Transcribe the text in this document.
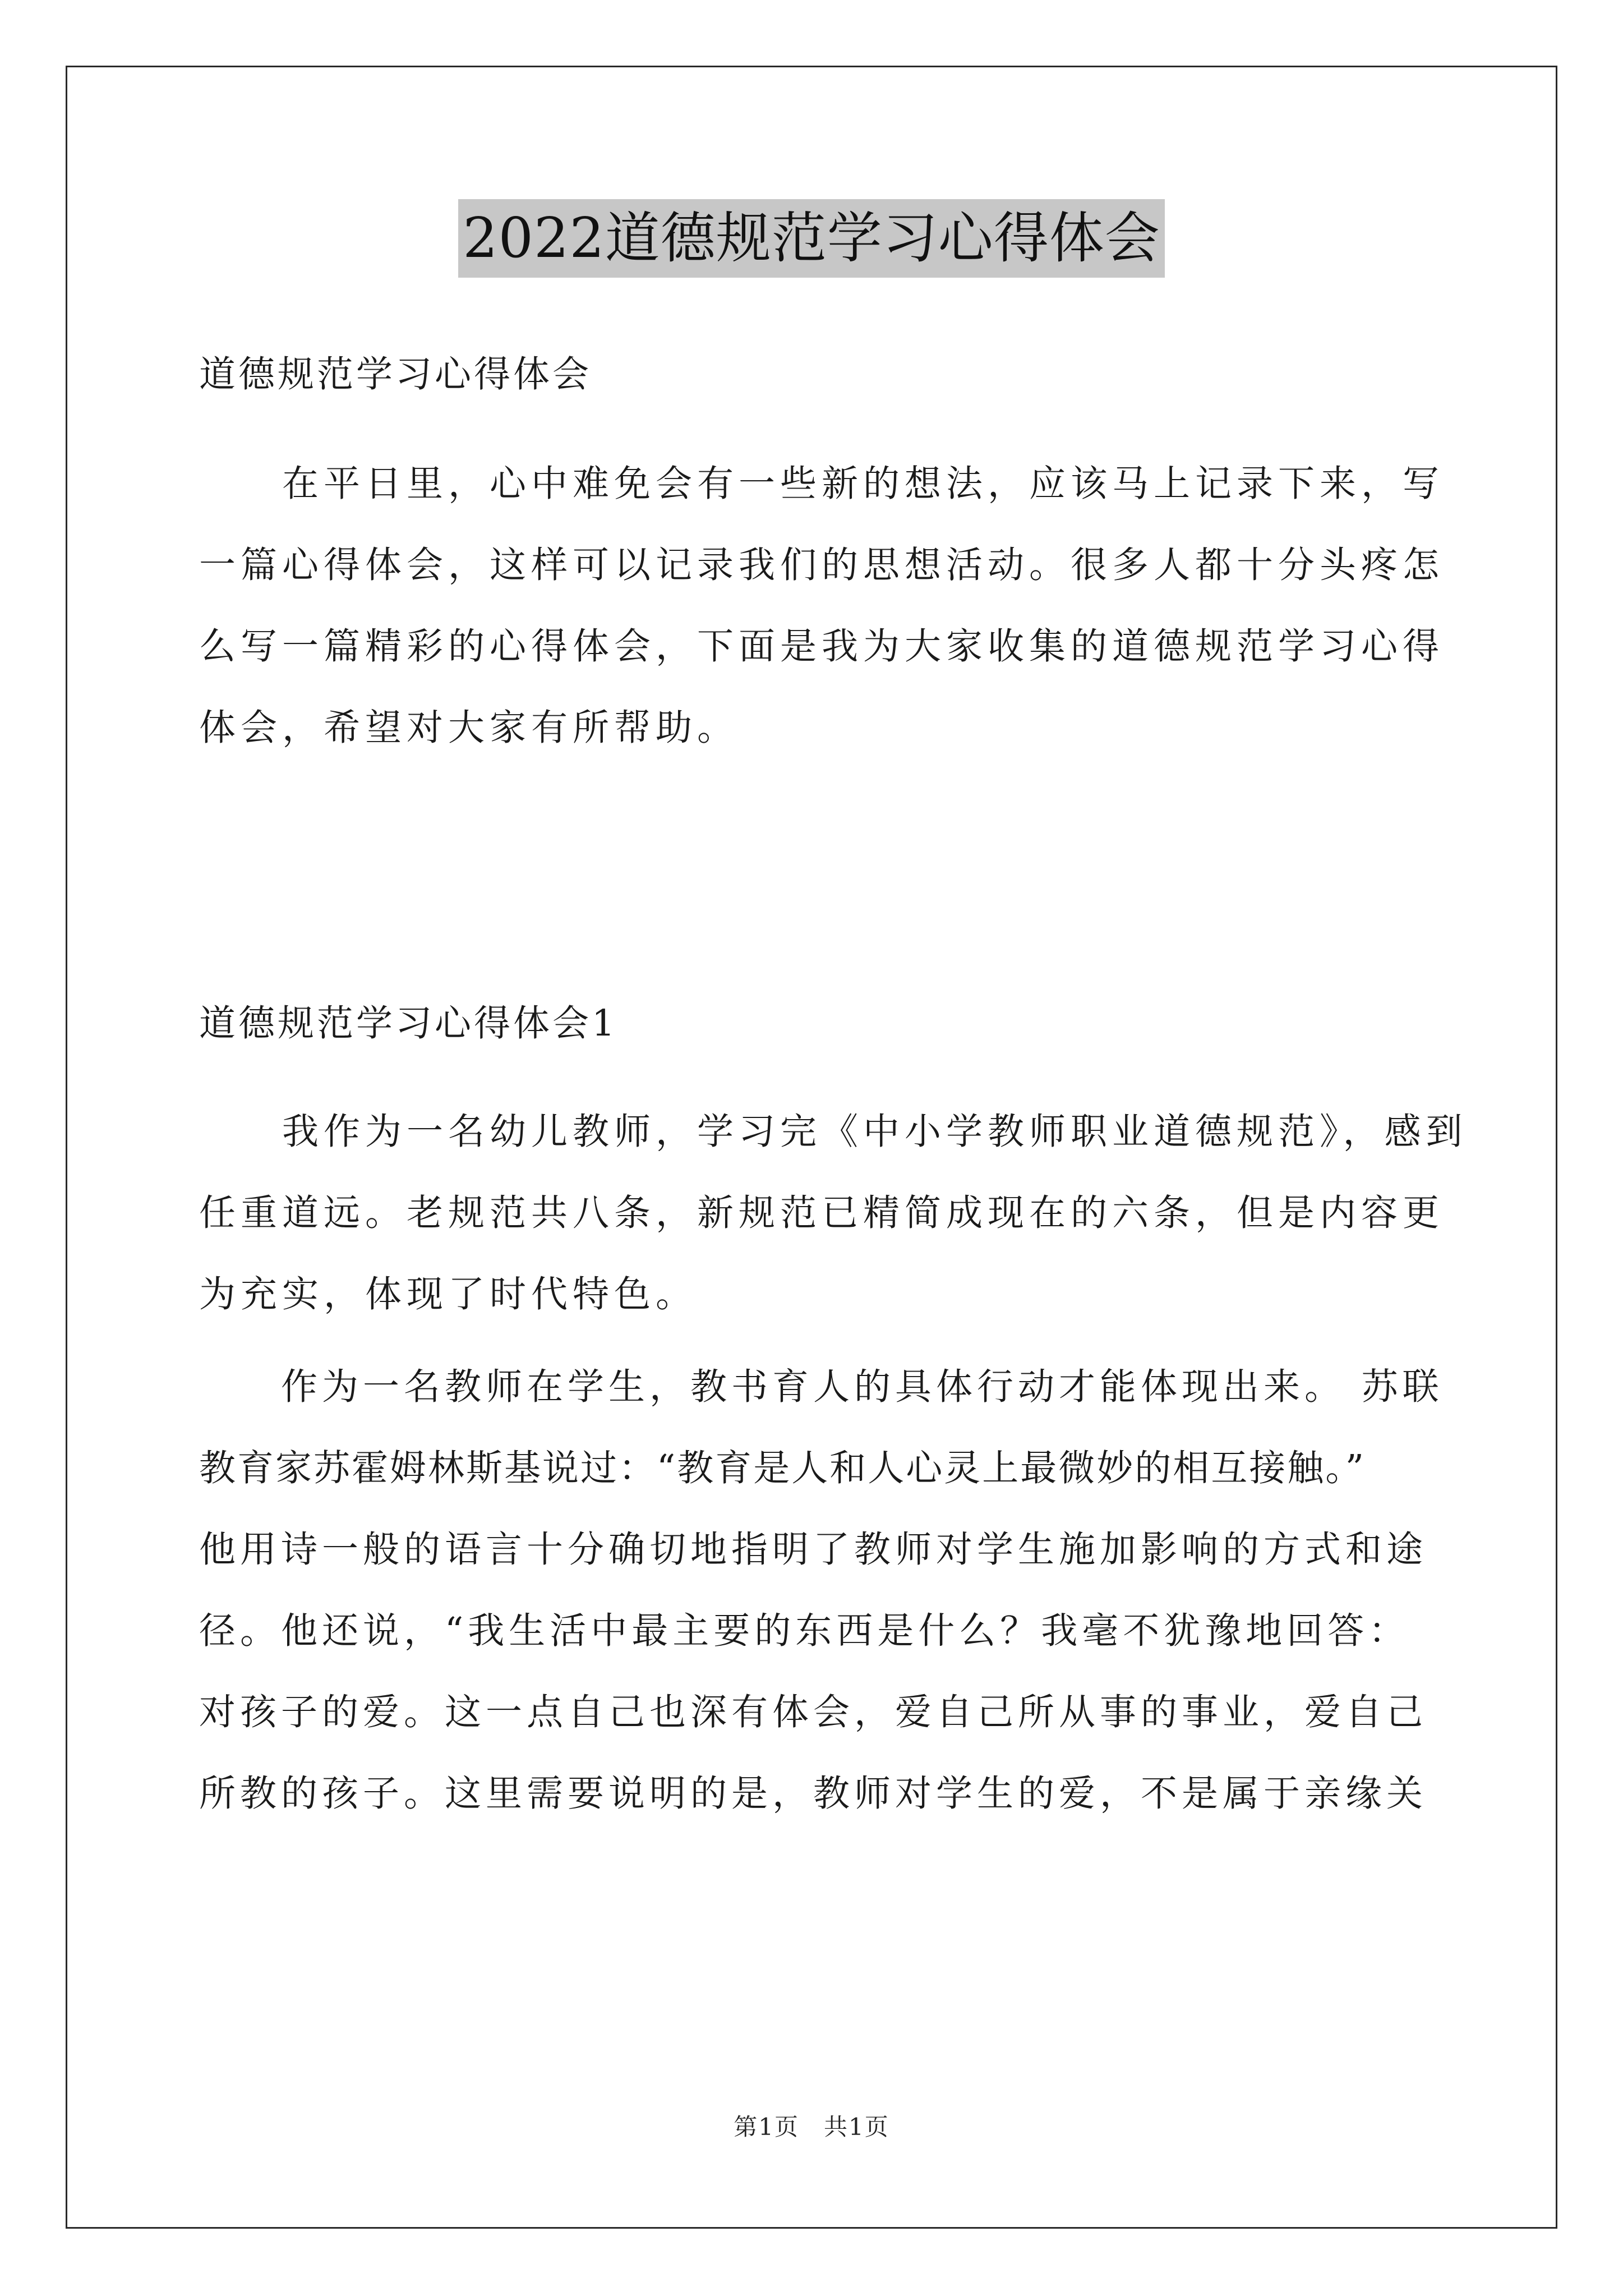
2022道德规范学习心得体会
道德规范学习心得体会

　　在平日里，心中难免会有一些新的想法，应该马上记录下来，写
一篇心得体会，这样可以记录我们的思想活动。很多人都十分头疼怎
么写一篇精彩的心得体会，下面是我为大家收集的道德规范学习心得
体会，希望对大家有所帮助。

道德规范学习心得体会1

　　我作为一名幼儿教师，学习完《中小学教师职业道德规范》，感到
任重道远。老规范共八条，新规范已精简成现在的六条，但是内容更
为充实，体现了时代特色。

　　作为一名教师在学生，教书育人的具体行动才能体现出来。 苏联
教育家苏霍姆林斯基说过：“教育是人和人心灵上最微妙的相互接触。”
他用诗一般的语言十分确切地指明了教师对学生施加影响的方式和途
径。他还说，“我生活中最主要的东西是什么？我毫不犹豫地回答：
对孩子的爱。这一点自己也深有体会，爱自己所从事的事业，爱自己
所教的孩子。这里需要说明的是，教师对学生的爱，不是属于亲缘关

第1页　共1页
